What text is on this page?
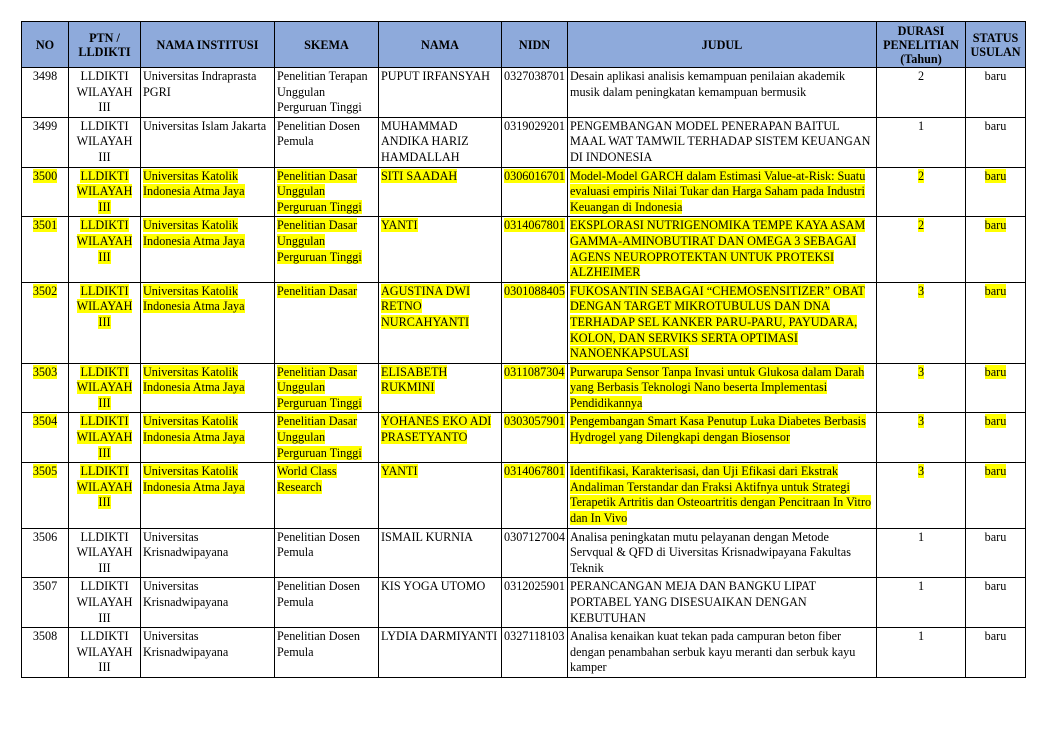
NO	PTN / LLDIKTI	NAMA INSTITUSI	SKEMA	NAMA	NIDN	JUDUL	DURASI PENELITIAN (Tahun)	STATUS USULAN
3498	LLDIKTI WILAYAH III	Universitas Indraprasta PGRI	Penelitian Terapan Unggulan Perguruan Tinggi	PUPUT IRFANSYAH	0327038701	Desain aplikasi analisis kemampuan penilaian akademik musik dalam peningkatan kemampuan bermusik	2	baru
3499	LLDIKTI WILAYAH III	Universitas Islam Jakarta	Penelitian Dosen Pemula	MUHAMMAD ANDIKA HARIZ HAMDALLAH	0319029201	PENGEMBANGAN MODEL PENERAPAN BAITUL MAAL WAT TAMWIL TERHADAP SISTEM KEUANGAN DI INDONESIA	1	baru
3500	LLDIKTI WILAYAH III	Universitas Katolik Indonesia Atma Jaya	Penelitian Dasar Unggulan Perguruan Tinggi	SITI SAADAH	0306016701	Model-Model GARCH dalam Estimasi Value-at-Risk: Suatu evaluasi empiris Nilai Tukar dan Harga Saham pada Industri Keuangan di Indonesia	2	baru
3501	LLDIKTI WILAYAH III	Universitas Katolik Indonesia Atma Jaya	Penelitian Dasar Unggulan Perguruan Tinggi	YANTI	0314067801	EKSPLORASI NUTRIGENOMIKA TEMPE KAYA ASAM GAMMA-AMINOBUTIRAT DAN OMEGA 3 SEBAGAI AGENS NEUROPROTEKTAN UNTUK PROTEKSI ALZHEIMER	2	baru
3502	LLDIKTI WILAYAH III	Universitas Katolik Indonesia Atma Jaya	Penelitian Dasar	AGUSTINA DWI RETNO NURCAHYANTI	0301088405	FUKOSANTIN SEBAGAI “CHEMOSENSITIZER” OBAT DENGAN TARGET MIKROTUBULUS DAN DNA TERHADAP SEL KANKER PARU-PARU, PAYUDARA, KOLON, DAN SERVIKS SERTA OPTIMASI NANOENKAPSULASI	3	baru
3503	LLDIKTI WILAYAH III	Universitas Katolik Indonesia Atma Jaya	Penelitian Dasar Unggulan Perguruan Tinggi	ELISABETH RUKMINI	0311087304	Purwarupa Sensor Tanpa Invasi untuk Glukosa dalam Darah yang Berbasis Teknologi Nano beserta Implementasi Pendidikannya	3	baru
3504	LLDIKTI WILAYAH III	Universitas Katolik Indonesia Atma Jaya	Penelitian Dasar Unggulan Perguruan Tinggi	YOHANES EKO ADI PRASETYANTO	0303057901	Pengembangan Smart Kasa Penutup Luka Diabetes Berbasis Hydrogel yang Dilengkapi dengan Biosensor	3	baru
3505	LLDIKTI WILAYAH III	Universitas Katolik Indonesia Atma Jaya	World Class Research	YANTI	0314067801	Identifikasi, Karakterisasi, dan Uji Efikasi dari Ekstrak Andaliman Terstandar dan Fraksi Aktifnya untuk Strategi Terapetik Artritis dan Osteoartritis dengan Pencitraan In Vitro dan In Vivo	3	baru
3506	LLDIKTI WILAYAH III	Universitas Krisnadwipayana	Penelitian Dosen Pemula	ISMAIL KURNIA	0307127004	Analisa peningkatan mutu pelayanan dengan Metode Servqual & QFD di Uiversitas Krisnadwipayana Fakultas Teknik	1	baru
3507	LLDIKTI WILAYAH III	Universitas Krisnadwipayana	Penelitian Dosen Pemula	KIS YOGA UTOMO	0312025901	PERANCANGAN MEJA DAN BANGKU LIPAT PORTABEL YANG DISESUAIKAN DENGAN KEBUTUHAN	1	baru
3508	LLDIKTI WILAYAH III	Universitas Krisnadwipayana	Penelitian Dosen Pemula	LYDIA DARMIYANTI	0327118103	Analisa kenaikan kuat tekan pada campuran beton fiber dengan penambahan serbuk kayu meranti dan serbuk kayu kamper	1	baru
